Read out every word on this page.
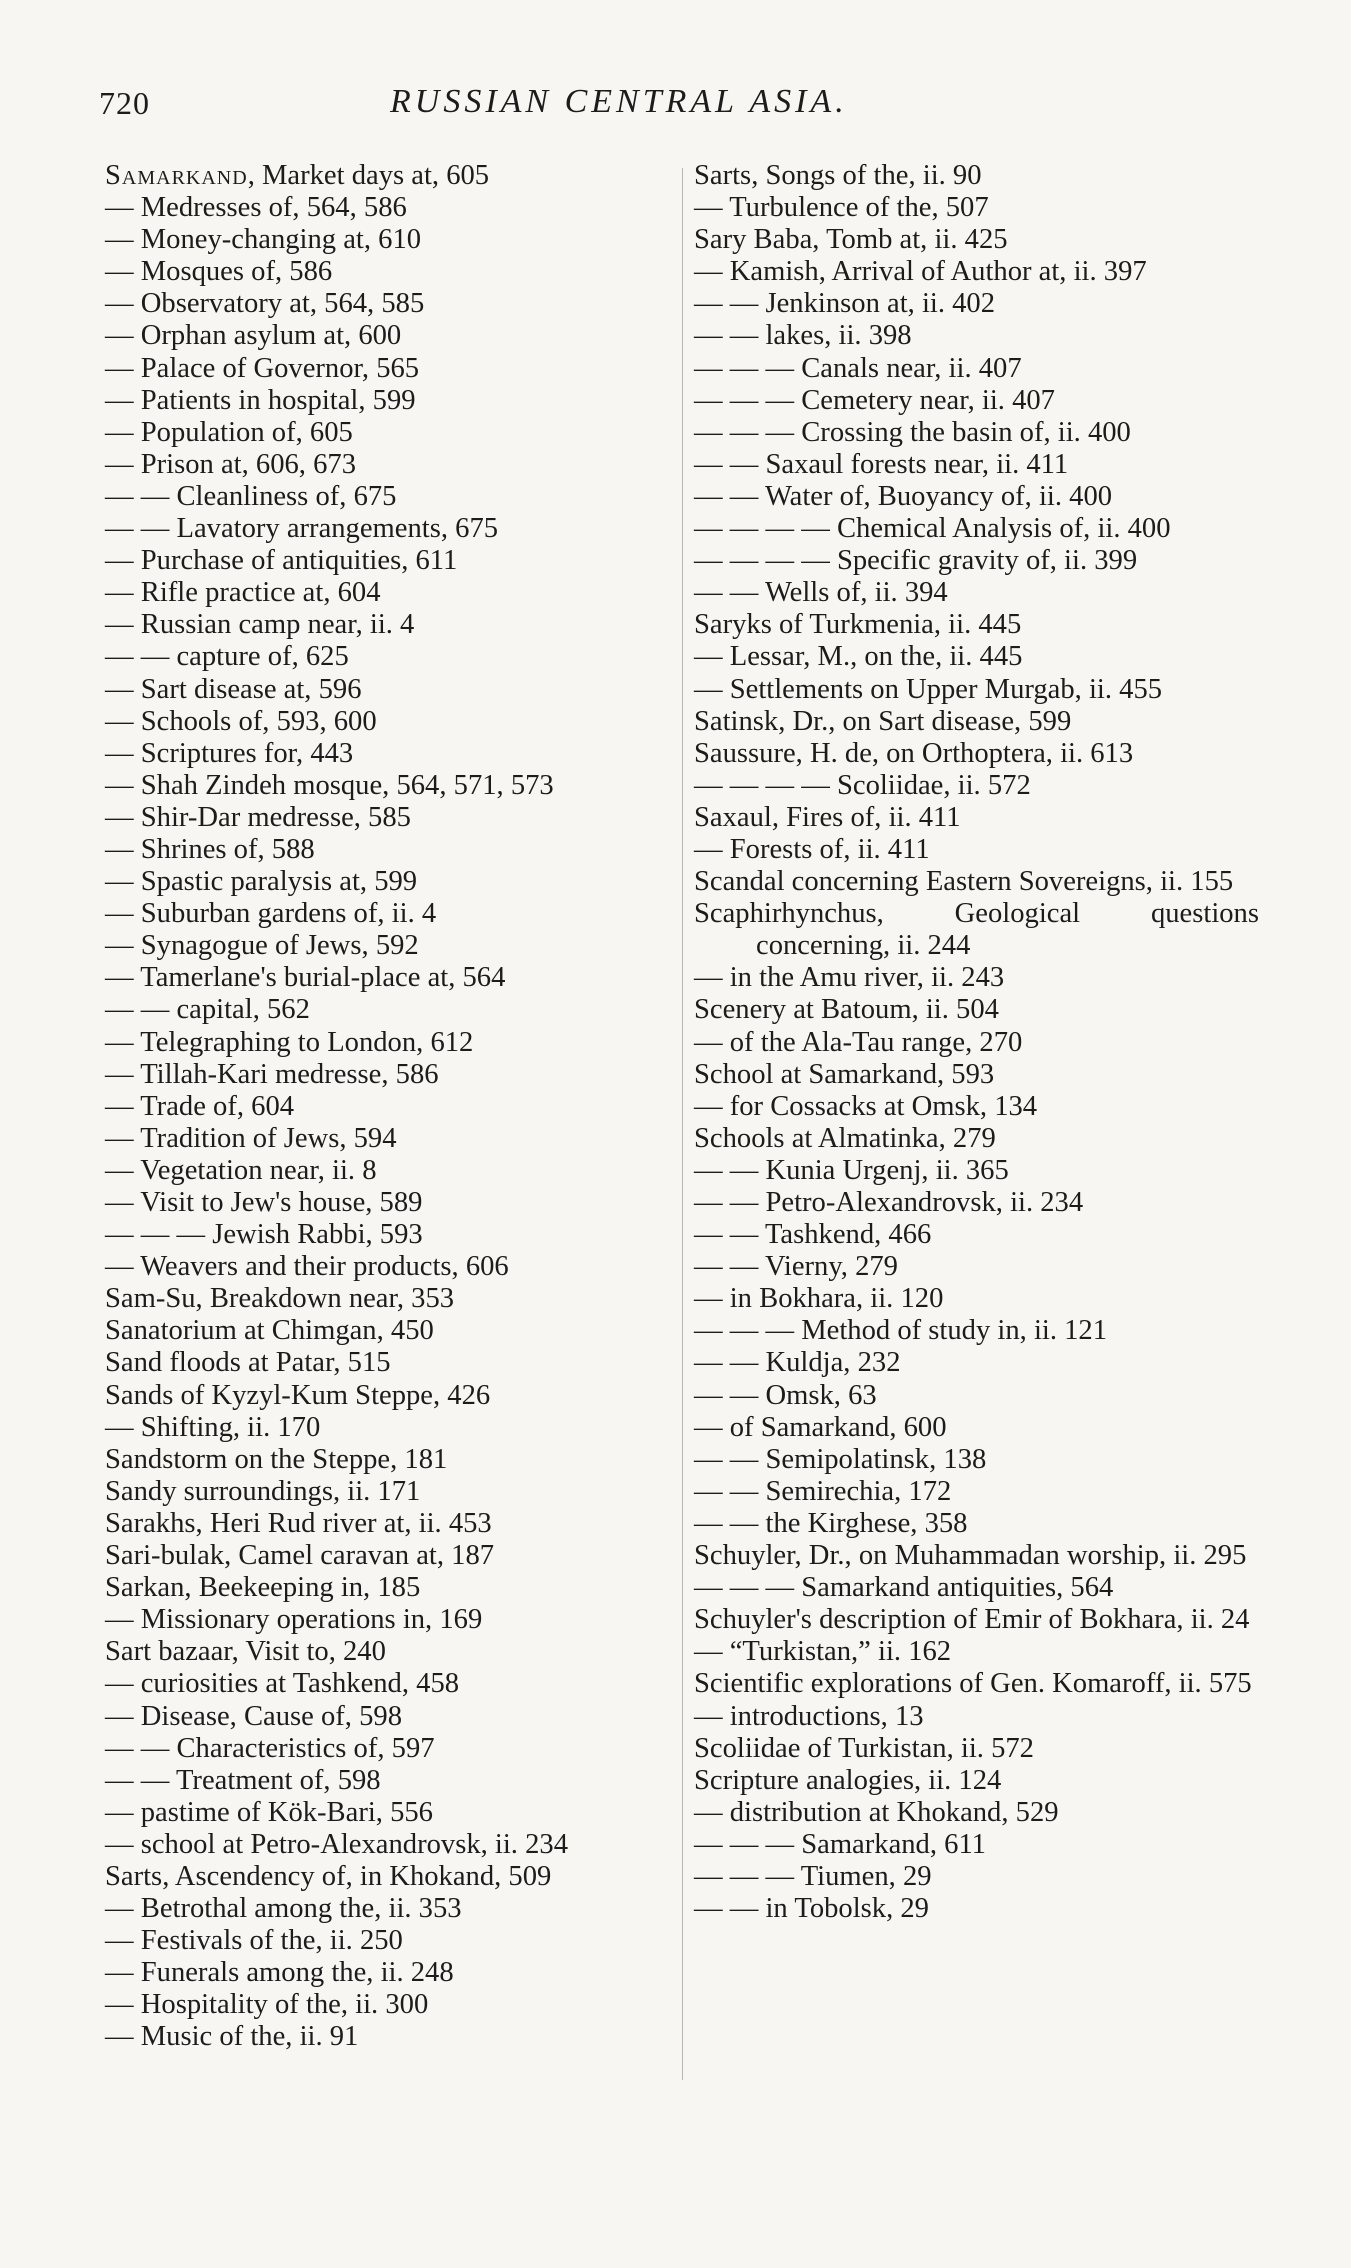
720	RUSSIAN CENTRAL ASIA.
Samarkand, Market days at, 605
— Medresses of, 564, 586
— Money-changing at, 610
— Mosques of, 586
— Observatory at, 564, 585
— Orphan asylum at, 600
— Palace of Governor, 565
— Patients in hospital, 599
— Population of, 605
— Prison at, 606, 673
— — Cleanliness of, 675
— — Lavatory arrangements, 675
— Purchase of antiquities, 611
— Rifle practice at, 604
— Russian camp near, ii. 4
— — capture of, 625
— Sart disease at, 596
— Schools of, 593, 600
— Scriptures for, 443
— Shah Zindeh mosque, 564, 571, 573
— Shir-Dar medresse, 585
— Shrines of, 588
— Spastic paralysis at, 599
— Suburban gardens of, ii. 4
— Synagogue of Jews, 592
— Tamerlane's burial-place at, 564
— — capital, 562
— Telegraphing to London, 612
— Tillah-Kari medresse, 586
— Trade of, 604
— Tradition of Jews, 594
— Vegetation near, ii. 8
— Visit to Jew's house, 589
— — — Jewish Rabbi, 593
— Weavers and their products, 606
Sam-Su, Breakdown near, 353
Sanatorium at Chimgan, 450
Sand floods at Patar, 515
Sands of Kyzyl-Kum Steppe, 426
— Shifting, ii. 170
Sandstorm on the Steppe, 181
Sandy surroundings, ii. 171
Sarakhs, Heri Rud river at, ii. 453
Sari-bulak, Camel caravan at, 187
Sarkan, Beekeeping in, 185
— Missionary operations in, 169
Sart bazaar, Visit to, 240
— curiosities at Tashkend, 458
— Disease, Cause of, 598
— — Characteristics of, 597
— — Treatment of, 598
— pastime of Kök-Bari, 556
— school at Petro-Alexandrovsk, ii. 234
Sarts, Ascendency of, in Khokand, 509
— Betrothal among the, ii. 353
— Festivals of the, ii. 250
— Funerals among the, ii. 248
— Hospitality of the, ii. 300
— Music of the, ii. 91
Sarts, Songs of the, ii. 90
— Turbulence of the, 507
Sary Baba, Tomb at, ii. 425
— Kamish, Arrival of Author at, ii. 397
— — Jenkinson at, ii. 402
— — lakes, ii. 398
— — — Canals near, ii. 407
— — — Cemetery near, ii. 407
— — — Crossing the basin of, ii. 400
— — Saxaul forests near, ii. 411
— — Water of, Buoyancy of, ii. 400
— — — — Chemical Analysis of, ii. 400
— — — — Specific gravity of, ii. 399
— — Wells of, ii. 394
Saryks of Turkmenia, ii. 445
— Lessar, M., on the, ii. 445
— Settlements on Upper Murgab, ii. 455
Satinsk, Dr., on Sart disease, 599
Saussure, H. de, on Orthoptera, ii. 613
— — — — Scoliidae, ii. 572
Saxaul, Fires of, ii. 411
— Forests of, ii. 411
Scandal concerning Eastern Sovereigns, ii. 155
Scaphirhynchus, Geological questions concerning, ii. 244
— in the Amu river, ii. 243
Scenery at Batoum, ii. 504
— of the Ala-Tau range, 270
School at Samarkand, 593
— for Cossacks at Omsk, 134
Schools at Almatinka, 279
— — Kunia Urgenj, ii. 365
— — Petro-Alexandrovsk, ii. 234
— — Tashkend, 466
— — Vierny, 279
— in Bokhara, ii. 120
— — — Method of study in, ii. 121
— — Kuldja, 232
— — Omsk, 63
— of Samarkand, 600
— — Semipolatinsk, 138
— — Semirechia, 172
— — the Kirghese, 358
Schuyler, Dr., on Muhammadan worship, ii. 295
— — — Samarkand antiquities, 564
Schuyler's description of Emir of Bokhara, ii. 24
— “Turkistan,” ii. 162
Scientific explorations of Gen. Komaroff, ii. 575
— introductions, 13
Scoliidae of Turkistan, ii. 572
Scripture analogies, ii. 124
— distribution at Khokand, 529
— — — Samarkand, 611
— — — Tiumen, 29
— — in Tobolsk, 29
